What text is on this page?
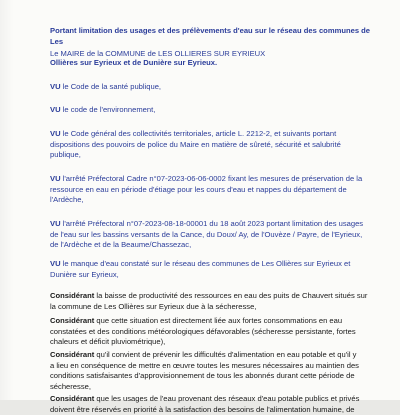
Portant limitation des usages et des prélèvements d'eau sur le réseau des communes de Les

Ollières sur Eyrieux et de Dunière sur Eyrieux.

Le MAIRE de la COMMUNE de LES OLLIERES SUR EYRIEUX

VU le Code de la santé publique,

VU le code de l'environnement,

VU le Code général des collectivités territoriales, article L. 2212-2, et suivants portant
dispositions des pouvoirs de police du Maire en matière de sûreté, sécurité et salubrité
publique,

VU l'arrêté Préfectoral Cadre n°07-2023-06-06-0002 fixant les mesures de préservation de la
ressource en eau en période d'étiage pour les cours d'eau et nappes du département de
l'Ardèche,

VU l'arrêté Préfectoral n°07-2023-08-18-00001 du 18 août 2023 portant limitation des usages
de l'eau sur les bassins versants de la Cance, du Doux/ Ay, de l'Ouvèze / Payre, de l'Eyrieux,
de l'Ardèche et de la Beaume/Chassezac,

VU le manque d'eau constaté sur le réseau des communes de Les Ollières sur Eyrieux et
Dunière sur Eyrieux,

Considérant la baisse de productivité des ressources en eau des puits de Chauvert situés sur
la commune de Les Ollières sur Eyrieux due à la sécheresse,

Considérant que cette situation est directement liée aux fortes consommations en eau
constatées et des conditions météorologiques défavorables (sécheresse persistante, fortes
chaleurs et déficit pluviométrique),

Considérant qu'il convient de prévenir les difficultés d'alimentation en eau potable et qu'il y
a lieu en conséquence de mettre en œuvre toutes les mesures nécessaires au maintien des
conditions satisfaisantes d'approvisionnement de tous les abonnés durant cette période de
sécheresse,

Considérant que les usages de l'eau provenant des réseaux d'eau potable publics et privés
doivent être réservés en priorité à la satisfaction des besoins de l'alimentation humaine, de
